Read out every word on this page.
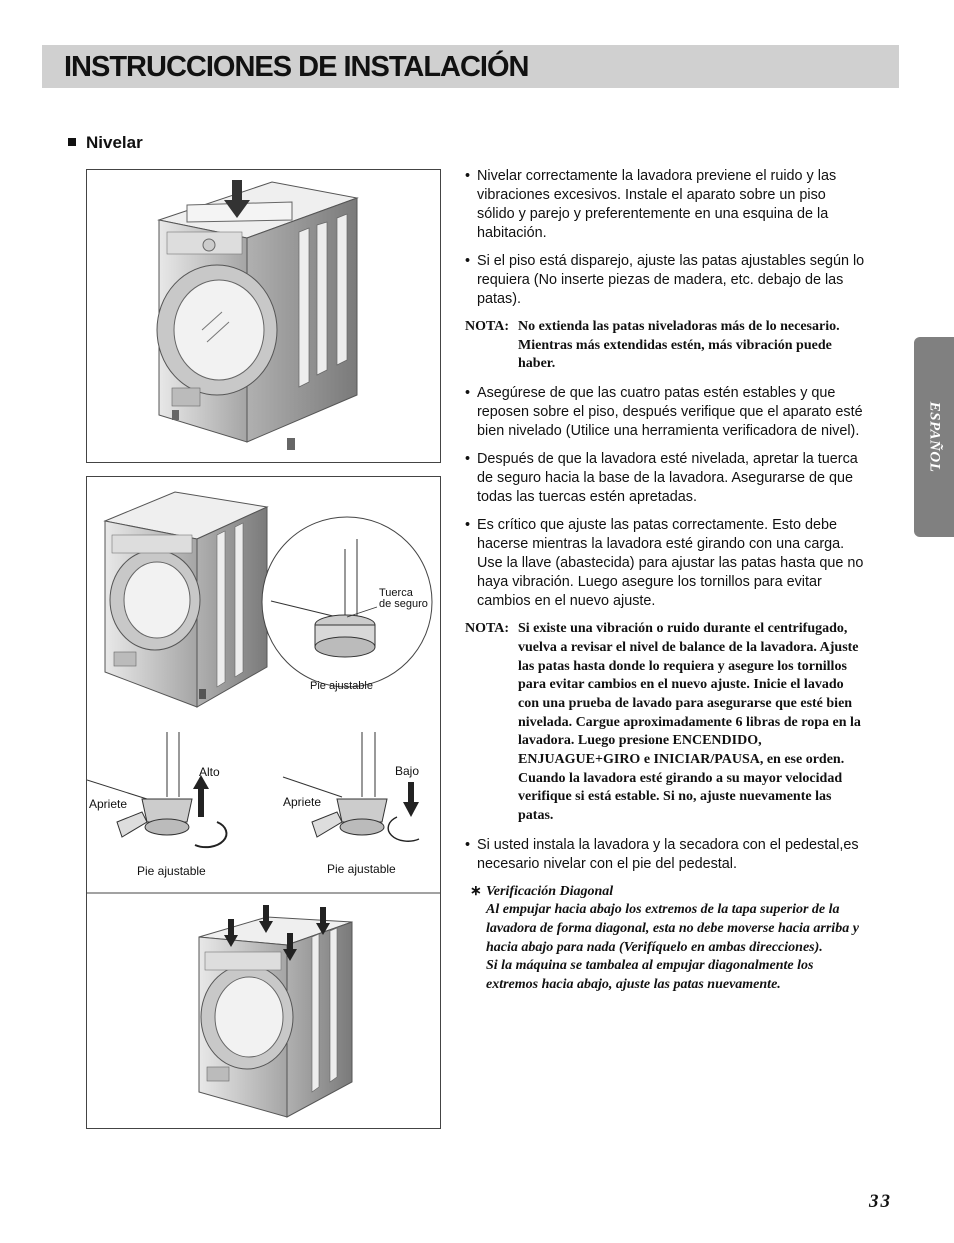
INSTRUCCIONES DE INSTALACIÓN
Nivelar
ESPAÑOL
Tuerca
de seguro
Pie ajustable
Alto
Apriete
Pie ajustable
Bajo
Apriete
Pie ajustable

• Nivelar correctamente la lavadora previene el ruido y las vibraciones excesivos. Instale el aparato sobre un piso sólido y parejo y preferentemente en una esquina de la habitación.

• Si el piso está disparejo, ajuste las patas ajustables según lo requiera (No inserte piezas de madera, etc. debajo de las patas).

NOTA: No extienda las patas niveladoras más de lo necesario. Mientras más extendidas estén, más vibración puede haber.

• Asegúrese de que las cuatro patas estén estables y que reposen sobre el piso, después verifique que el aparato esté bien nivelado (Utilice una herramienta verificadora de nivel).

• Después de que la lavadora esté nivelada, apretar la tuerca de seguro hacia la base de la lavadora. Asegurarse de que todas las tuercas estén apretadas.

• Es crítico que ajuste las patas correctamente. Esto debe hacerse mientras la lavadora esté girando con una carga. Use la llave (abastecida) para ajustar las patas hasta que no haya vibración. Luego asegure los tornillos para evitar cambios en el nuevo ajuste.

NOTA: Si existe una vibración o ruido durante el centrifugado, vuelva a revisar el nivel de balance de la lavadora. Ajuste las patas hasta donde lo requiera y asegure los tornillos para evitar cambios en el nuevo ajuste. Inicie el lavado con una prueba de lavado para asegurarse que esté bien nivelada. Cargue aproximadamente 6 libras de ropa en la lavadora. Luego presione ENCENDIDO, ENJUAGUE+GIRO e INICIAR/PAUSA, en ese orden. Cuando la lavadora esté girando a su mayor velocidad verifique si está estable. Si no, ajuste nuevamente las patas.

• Si usted instala la lavadora y la secadora con el pedestal,es necesario nivelar con el pie del pedestal.

∗ Verificación Diagonal
Al empujar hacia abajo los extremos de la tapa superior de la lavadora de forma diagonal, esta no debe moverse hacia arriba y hacia abajo para nada (Verifíquelo en ambas direcciones).
Si la máquina se tambalea al empujar diagonalmente los extremos hacia abajo, ajuste las patas nuevamente.
33
